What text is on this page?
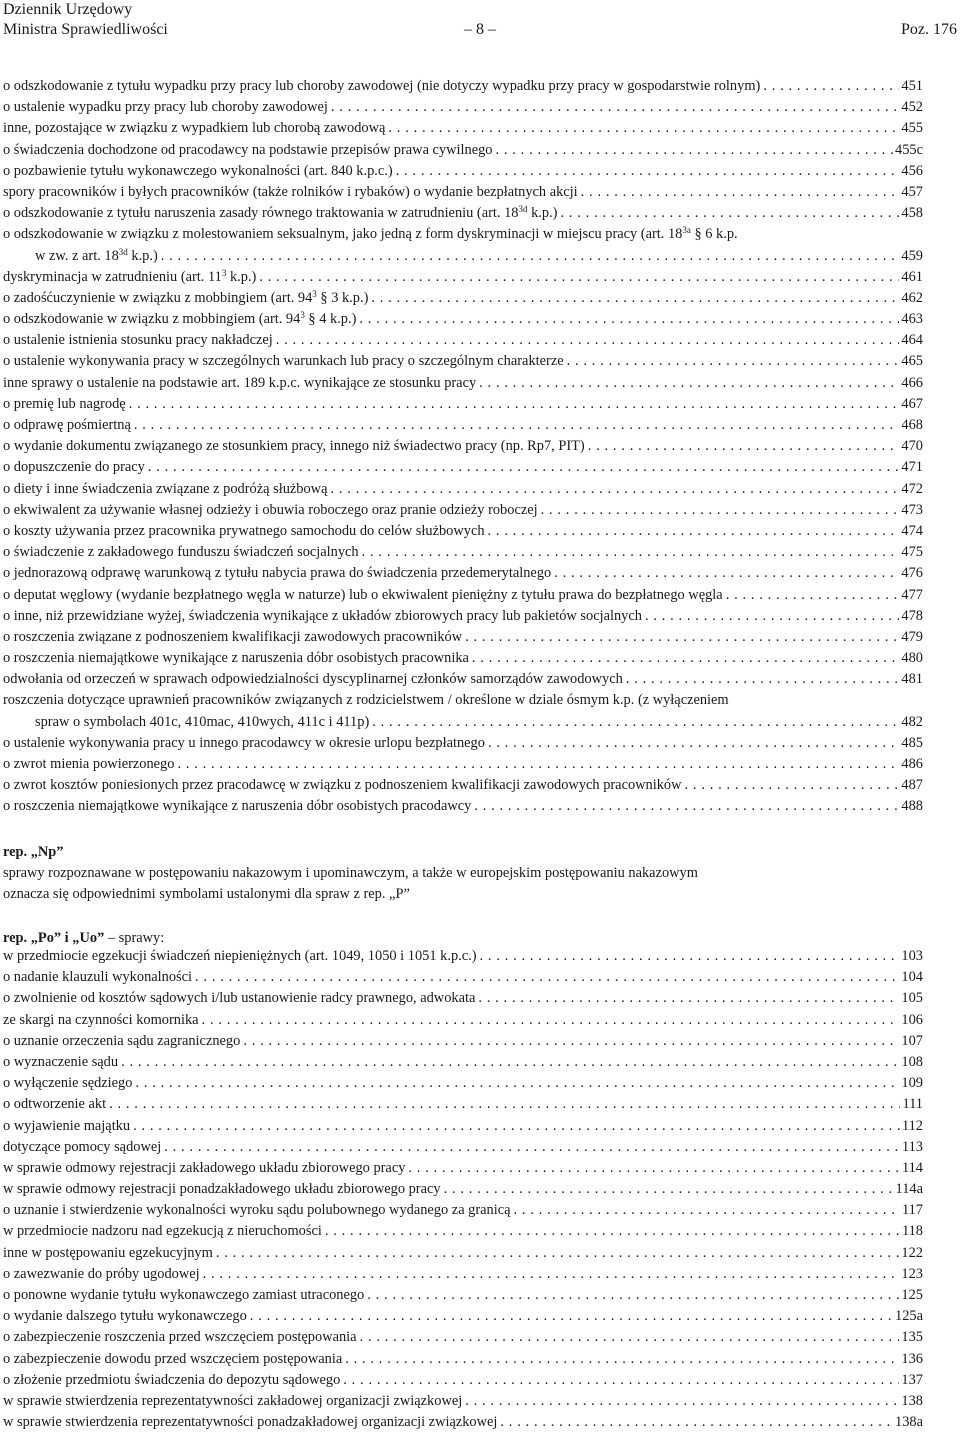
Dziennik Urzędowy
Ministra Sprawiedliwości	– 8 –	Poz. 176
o odszkodowanie z tytułu wypadku przy pracy lub choroby zawodowej (nie dotyczy wypadku przy pracy w gospodarstwie rolnym) . . .	451
o ustalenie wypadku przy pracy lub choroby zawodowej . . .	452
inne, pozostające w związku z wypadkiem lub chorobą zawodową . . .	455
o świadczenia dochodzone od pracodawcy na podstawie przepisów prawa cywilnego . . .	455c
o pozbawienie tytułu wykonawczego wykonalności (art. 840 k.p.c.) . . .	456
spory pracowników i byłych pracowników (także rolników i rybaków) o wydanie bezpłatnych akcji . . .	457
o odszkodowanie z tytułu naruszenia zasady równego traktowania w zatrudnieniu (art. $18^{3d}$ k.p.) . . .	458
o odszkodowanie w związku z molestowaniem seksualnym, jako jedną z form dyskryminacji w miejscu pracy (art. $18^{3a}$ § 6 k.p.
w zw. z art. $18^{3d}$ k.p.) . . .	459
dyskryminacja w zatrudnieniu (art. $11^3$ k.p.) . . .	461
o zadośćuczynienie w związku z mobbingiem (art. $94^3$ § 3 k.p.) . . .	462
o odszkodowanie w związku z mobbingiem (art. $94^3$ § 4 k.p.) . . .	463
o ustalenie istnienia stosunku pracy nakładczej . . .	464
o ustalenie wykonywania pracy w szczególnych warunkach lub pracy o szczególnym charakterze . . .	465
inne sprawy o ustalenie na podstawie art. 189 k.p.c. wynikające ze stosunku pracy . . .	466
o premię lub nagrodę . . .	467
o odprawę pośmiertną . . .	468
o wydanie dokumentu związanego ze stosunkiem pracy, innego niż świadectwo pracy (np. Rp7, PIT) . . .	470
o dopuszczenie do pracy . . .	471
o diety i inne świadczenia związane z podróżą służbową . . .	472
o ekwiwalent za używanie własnej odzieży i obuwia roboczego oraz pranie odzieży roboczej . . .	473
o koszty używania przez pracownika prywatnego samochodu do celów służbowych . . .	474
o świadczenie z zakładowego funduszu świadczeń socjalnych . . .	475
o jednorazową odprawę warunkową z tytułu nabycia prawa do świadczenia przedemerytalnego . . .	476
o deputat węglowy (wydanie bezpłatnego węgla w naturze) lub o ekwiwalent pieniężny z tytułu prawa do bezpłatnego węgla . . .	477
o inne, niż przewidziane wyżej, świadczenia wynikające z układów zbiorowych pracy lub pakietów socjalnych . . .	478
o roszczenia związane z podnoszeniem kwalifikacji zawodowych pracowników . . .	479
o roszczenia niemajątkowe wynikające z naruszenia dóbr osobistych pracownika . . .	480
odwołania od orzeczeń w sprawach odpowiedzialności dyscyplinarnej członków samorządów zawodowych . . .	481
roszczenia dotyczące uprawnień pracowników związanych z rodzicielstwem / określone w dziale ósmym k.p. (z wyłączeniem
spraw o symbolach 401c, 410mac, 410wych, 411c i 411p) . . .	482
o ustalenie wykonywania pracy u innego pracodawcy w okresie urlopu bezpłatnego . . .	485
o zwrot mienia powierzonego . . .	486
o zwrot kosztów poniesionych przez pracodawcę w związku z podnoszeniem kwalifikacji zawodowych pracowników . . .	487
o roszczenia niemajątkowe wynikające z naruszenia dóbr osobistych pracodawcy . . .	488
rep. „Np”
sprawy rozpoznawane w postępowaniu nakazowym i upominawczym, a także w europejskim postępowaniu nakazowym
oznacza się odpowiednimi symbolami ustalonymi dla spraw z rep. „P”
rep. „Po” i „Uo” – sprawy:
w przedmiocie egzekucji świadczeń niepieniężnych (art. 1049, 1050 i 1051 k.p.c.) . . .	103
o nadanie klauzuli wykonalności . . .	104
o zwolnienie od kosztów sądowych i/lub ustanowienie radcy prawnego, adwokata . . .	105
ze skargi na czynności komornika . . .	106
o uznanie orzeczenia sądu zagranicznego . . .	107
o wyznaczenie sądu . . .	108
o wyłączenie sędziego . . .	109
o odtworzenie akt . . .	111
o wyjawienie majątku . . .	112
dotyczące pomocy sądowej . . .	113
w sprawie odmowy rejestracji zakładowego układu zbiorowego pracy . . .	114
w sprawie odmowy rejestracji ponadzakładowego układu zbiorowego pracy . . .	114a
o uznanie i stwierdzenie wykonalności wyroku sądu polubownego wydanego za granicą . . .	117
w przedmiocie nadzoru nad egzekucją z nieruchomości . . .	118
inne w postępowaniu egzekucyjnym . . .	122
o zawezwanie do próby ugodowej . . .	123
o ponowne wydanie tytułu wykonawczego zamiast utraconego . . .	125
o wydanie dalszego tytułu wykonawczego . . .	125a
o zabezpieczenie roszczenia przed wszczęciem postępowania . . .	135
o zabezpieczenie dowodu przed wszczęciem postępowania . . .	136
o złożenie przedmiotu świadczenia do depozytu sądowego . . .	137
w sprawie stwierdzenia reprezentatywności zakładowej organizacji związkowej . . .	138
w sprawie stwierdzenia reprezentatywności ponadzakładowej organizacji związkowej . . .	138a
